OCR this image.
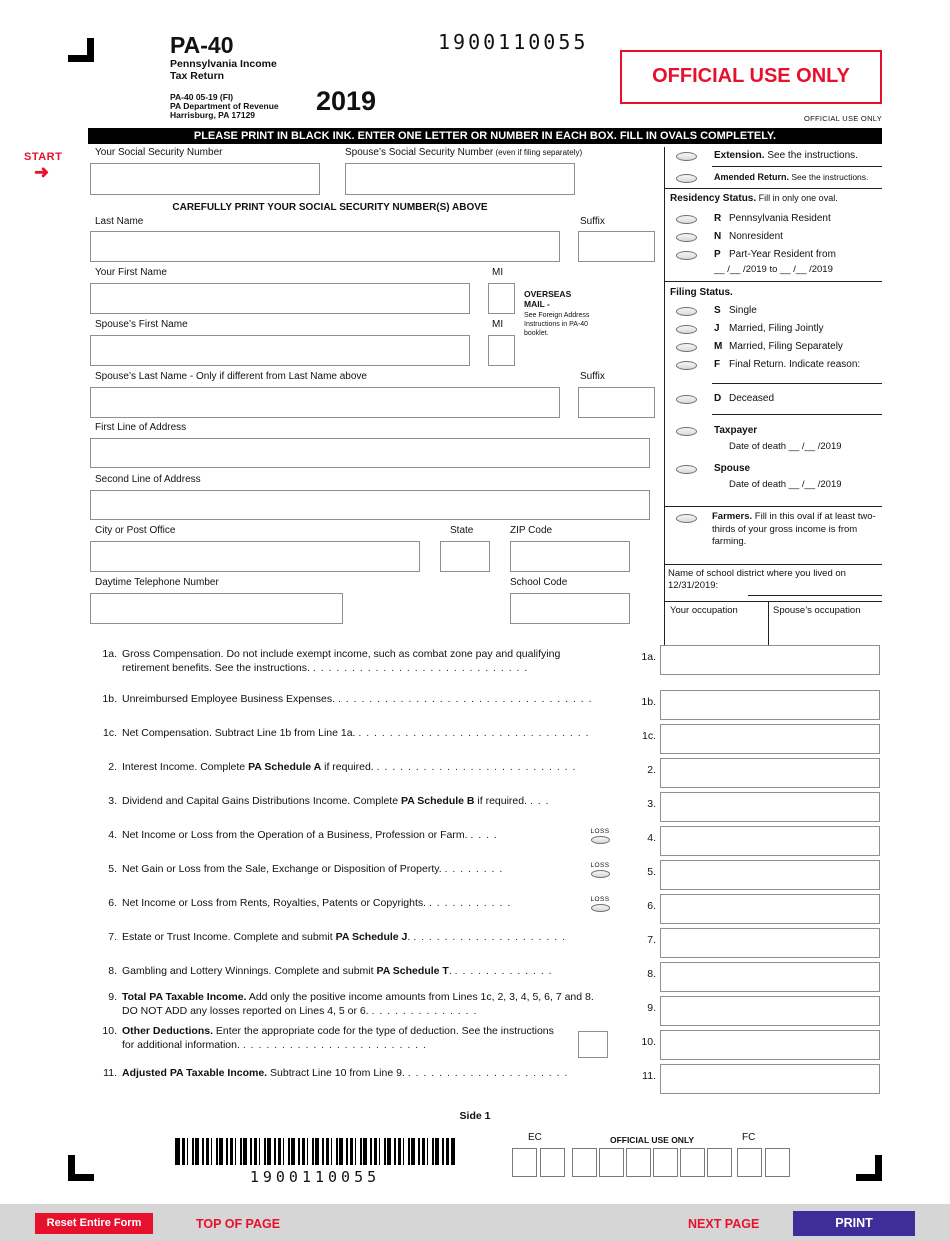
PA-40
Pennsylvania Income
Tax Return
PA-40 05-19 (FI)
PA Department of Revenue
Harrisburg, PA 17129 2019
1900110055
OFFICIAL USE ONLY
OFFICIAL USE ONLY
PLEASE PRINT IN BLACK INK. ENTER ONE LETTER OR NUMBER IN EACH BOX. FILL IN OVALS COMPLETELY.
START
➜
Your Social Security Number	Spouse’s Social Security Number (even if filing separately)
CAREFULLY PRINT YOUR SOCIAL SECURITY NUMBER(S) ABOVE
Last Name	Suffix
Your First Name	MI
OVERSEAS MAIL -
See Foreign Address Instructions in PA-40 booklet.
Spouse’s First Name	MI
Spouse’s Last Name - Only if different from Last Name above	Suffix
First Line of Address
Second Line of Address
City or Post Office	State	ZIP Code
Daytime Telephone Number	School Code
Extension. See the instructions.
Amended Return. See the instructions.
Residency Status. Fill in only one oval.
R Pennsylvania Resident
N Nonresident
P Part-Year Resident from
__ /__ /2019 to __ /__ /2019
Filing Status.
S Single
J Married, Filing Jointly
M Married, Filing Separately
F Final Return. Indicate reason:
D Deceased
Taxpayer
Date of death __ /__ /2019
Spouse
Date of death __ /__ /2019
Farmers. Fill in this oval if at least two-thirds of your gross income is from farming.
Name of school district where you lived on 12/31/2019:
Your occupation	Spouse’s occupation
1a. Gross Compensation. Do not include exempt income, such as combat zone pay and qualifying retirement benefits. See the instructions. . . . . . . . . . . . . . . . . . . . . . . . . . . . .
1a.
1b. Unreimbursed Employee Business Expenses. . . . . . . . . . . . . . . . . . . . . . . . . . . . . . . . . .	1b.
1c. Net Compensation. Subtract Line 1b from Line 1a. . . . . . . . . . . . . . . . . . . . . . . . . . . . . . .	1c.
2. Interest Income. Complete PA Schedule A if required. . . . . . . . . . . . . . . . . . . . . . . . . . .	2.
3. Dividend and Capital Gains Distributions Income. Complete PA Schedule B if required. . . .	3.
4. Net Income or Loss from the Operation of a Business, Profession or Farm. . . . .	LOSS
4.
5. Net Gain or Loss from the Sale, Exchange or Disposition of Property. . . . . . . . .	LOSS
5.
6. Net Income or Loss from Rents, Royalties, Patents or Copyrights. . . . . . . . . . . .	LOSS
6.
7. Estate or Trust Income. Complete and submit PA Schedule J. . . . . . . . . . . . . . . . . . . . .	7.
8. Gambling and Lottery Winnings. Complete and submit PA Schedule T. . . . . . . . . . . . . .	8.
9. Total PA Taxable Income. Add only the positive income amounts from Lines 1c, 2, 3, 4, 5, 6, 7 and 8. DO NOT ADD any losses reported on Lines 4, 5 or 6. . . . . . . . . . . . . . .	9.
10. Other Deductions. Enter the appropriate code for the type of deduction. See the instructions for additional information. . . . . . . . . . . . . . . . . . . . . . . . .	10.
11. Adjusted PA Taxable Income. Subtract Line 10 from Line 9. . . . . . . . . . . . . . . . . . . . . .	11.
Side 1
1900110055
EC	OFFICIAL USE ONLY	FC
Reset Entire Form	TOP OF PAGE	NEXT PAGE	PRINT
